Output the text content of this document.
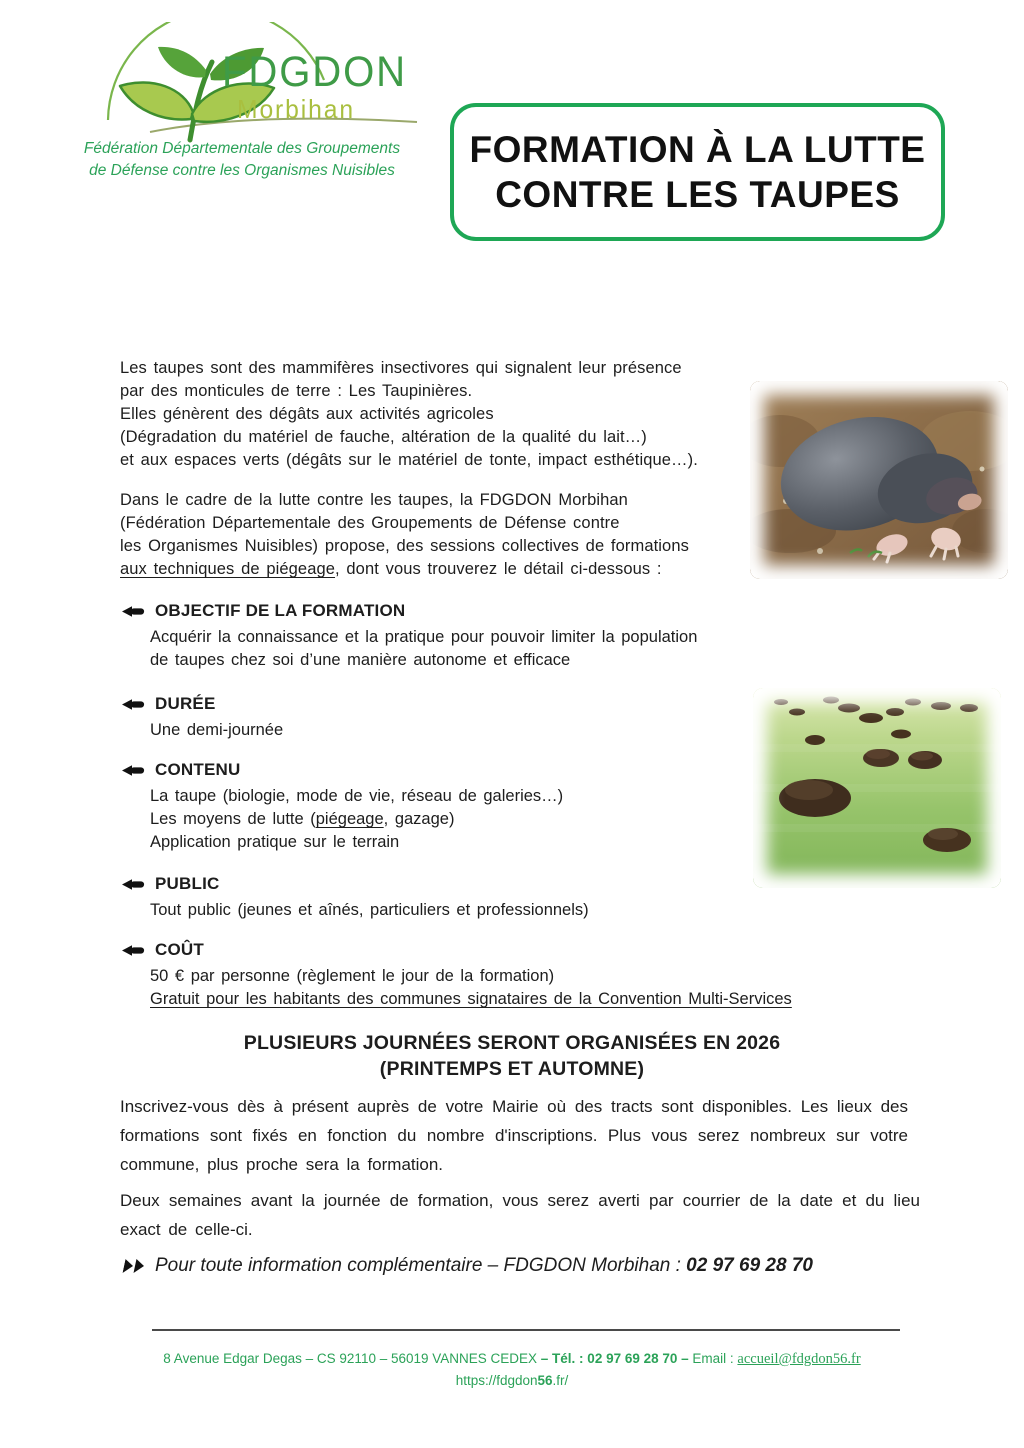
FDGDON
Morbihan
Fédération Départementale des Groupements
de Défense contre les Organismes Nuisibles
FORMATION À LA LUTTE
CONTRE LES TAUPES
Les taupes sont des mammifères insectivores qui signalent leur présence
par des monticules de terre : Les Taupinières.
Elles génèrent des dégâts aux activités agricoles
(Dégradation du matériel de fauche, altération de la qualité du lait…)
et aux espaces verts (dégâts sur le matériel de tonte, impact esthétique…).
Dans le cadre de la lutte contre les taupes, la FDGDON Morbihan
(Fédération Départementale des Groupements de Défense contre
les Organismes Nuisibles) propose, des sessions collectives de formations
aux techniques de piégeage, dont vous trouverez le détail ci-dessous :
OBJECTIF DE LA FORMATION
Acquérir la connaissance et la pratique pour pouvoir limiter la population
de taupes chez soi d’une manière autonome et efficace
DURÉE
Une demi-journée
CONTENU
La taupe (biologie, mode de vie, réseau de galeries…)
Les moyens de lutte (piégeage, gazage)
Application pratique sur le terrain
PUBLIC
Tout public (jeunes et aînés, particuliers et professionnels)
COÛT
50 € par personne (règlement le jour de la formation)
Gratuit pour les habitants des communes signataires de la Convention Multi-Services
PLUSIEURS JOURNÉES SERONT ORGANISÉES EN 2026
(PRINTEMPS ET AUTOMNE)
Inscrivez-vous dès à présent auprès de votre Mairie où des tracts sont disponibles. Les lieux des formations sont fixés en fonction du nombre d'inscriptions. Plus vous serez nombreux sur votre commune, plus proche sera la formation.
Deux semaines avant la journée de formation, vous serez averti par courrier de la date et du lieu exact de celle-ci.
Pour toute information complémentaire – FDGDON Morbihan : 02 97 69 28 70
8 Avenue Edgar Degas – CS 92110 – 56019 VANNES CEDEX – Tél. : 02 97 69 28 70 – Email : accueil@fdgdon56.fr
https://fdgdon56.fr/
